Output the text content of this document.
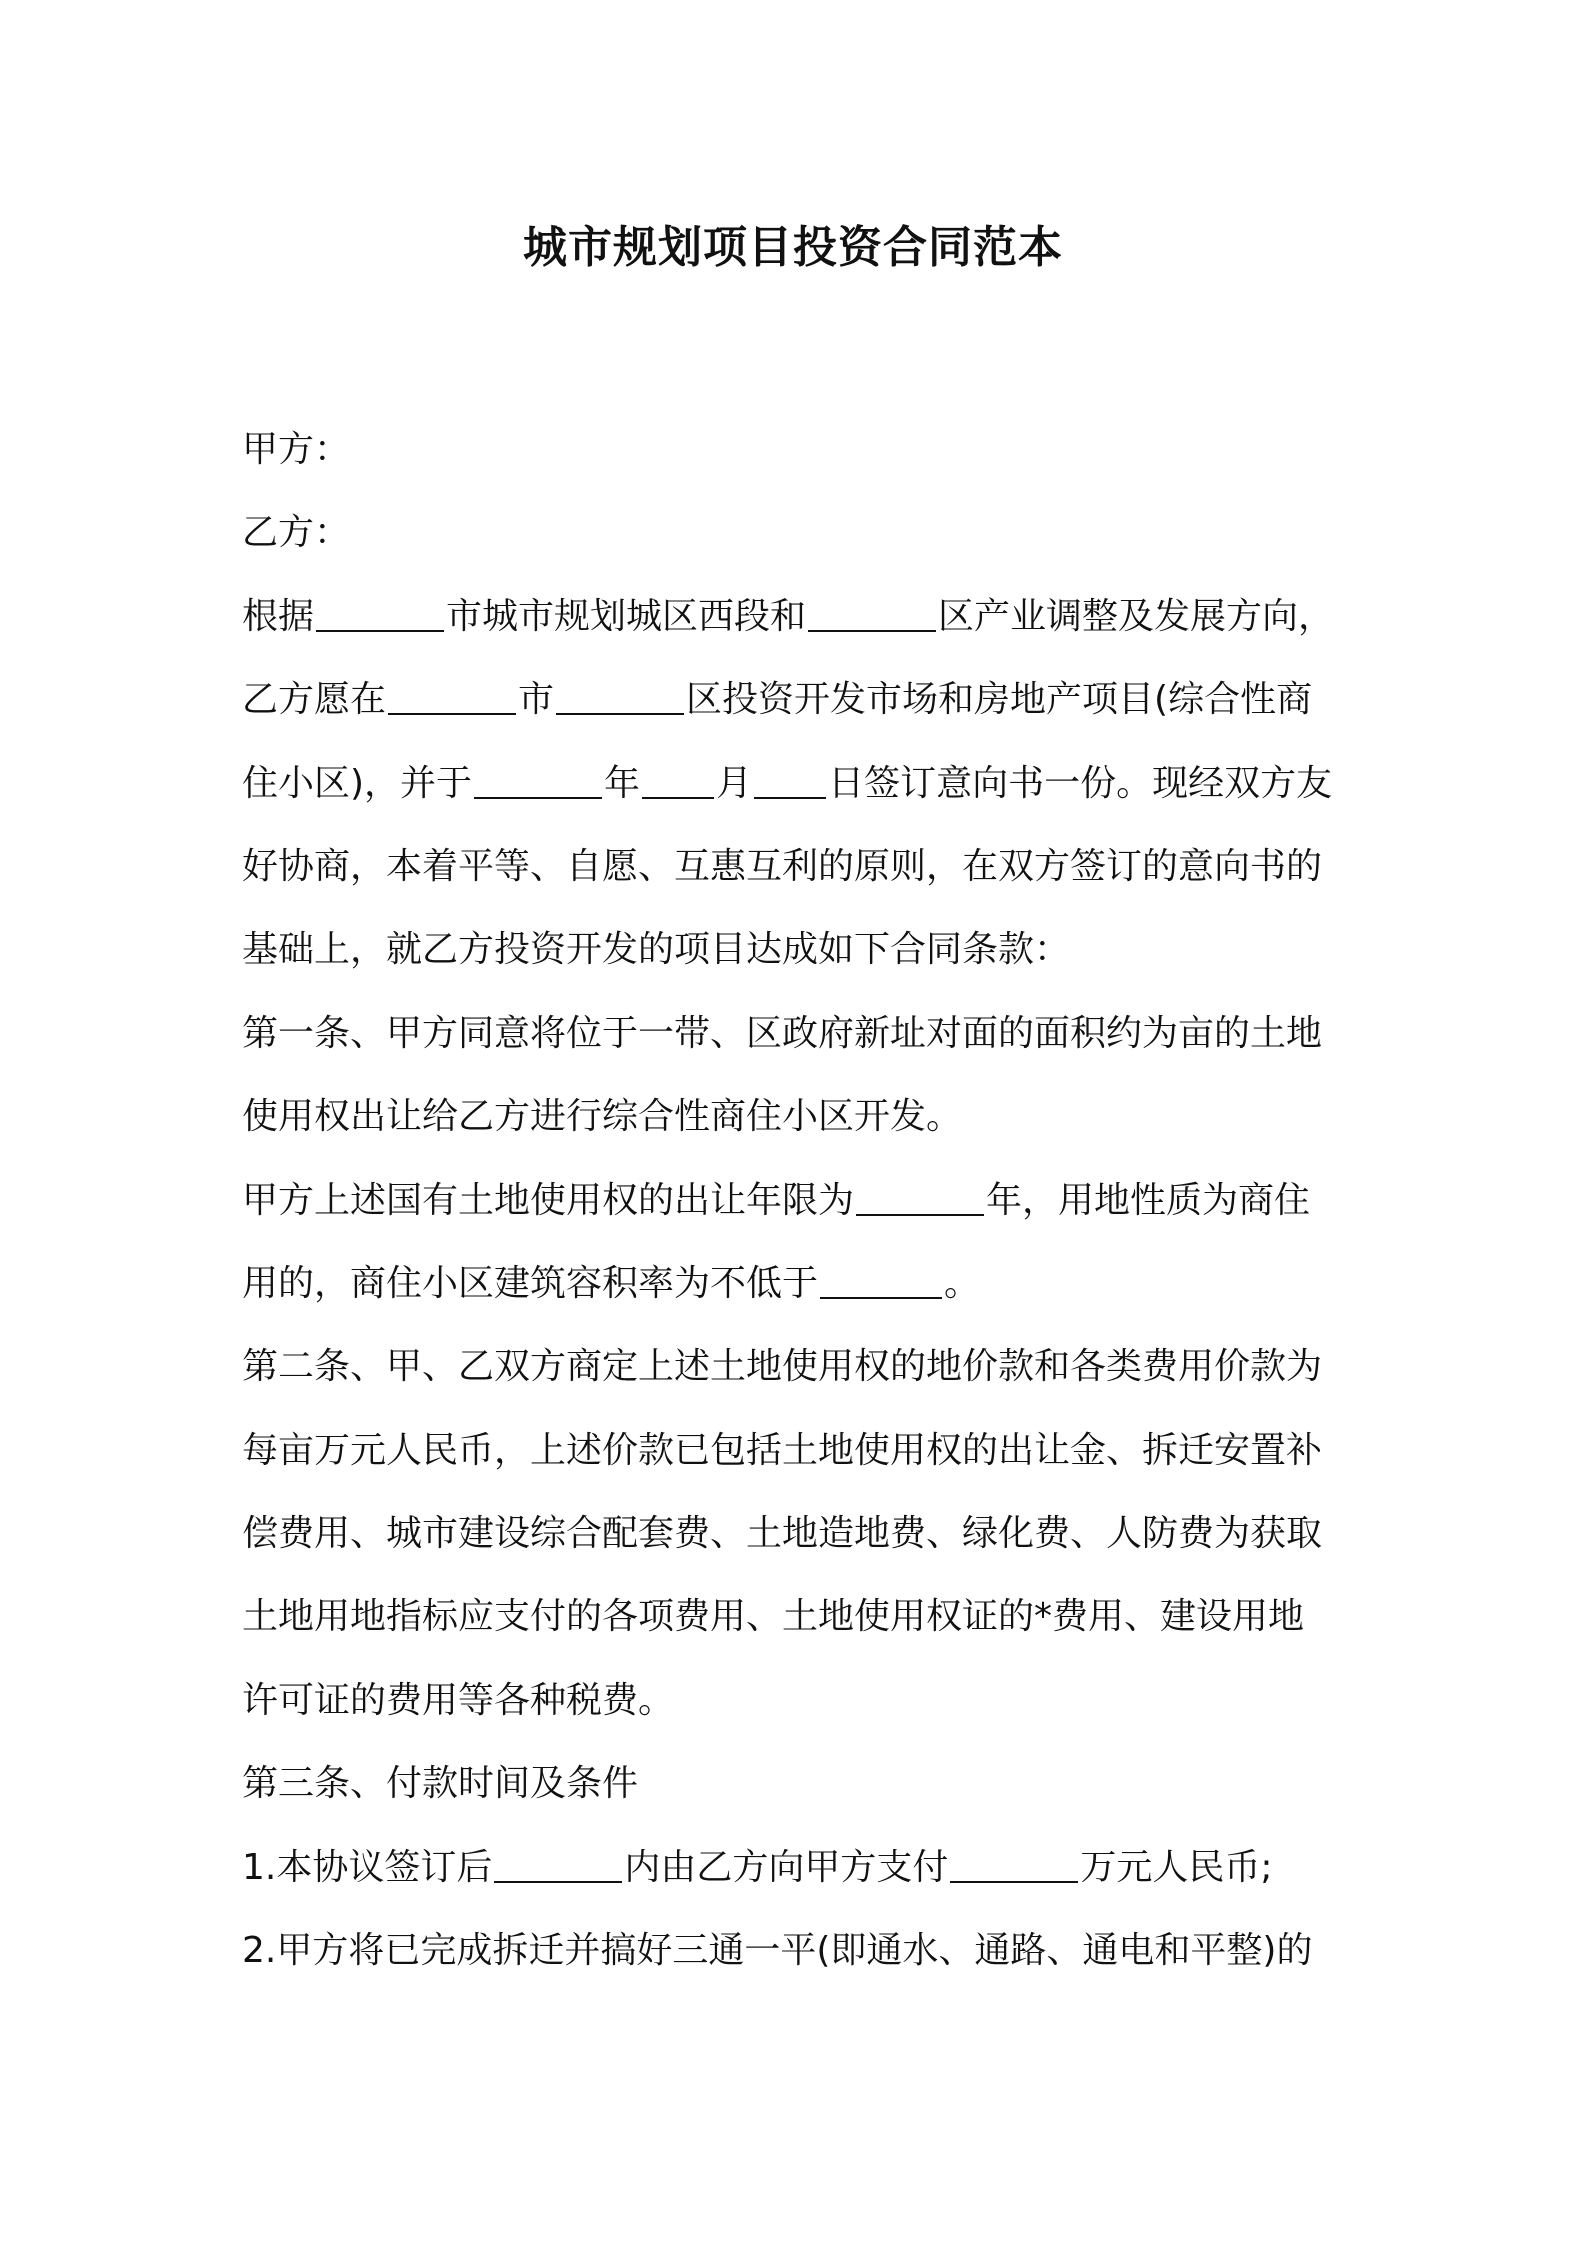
城市规划项目投资合同范本
甲方：
乙方：
根据	市城市规划城区西段和	区产业调整及发展方向，
乙方愿在	市	区投资开发市场和房地产项目(综合性商
住小区)，并于	年 月 日签订意向书一份。现经双方友
好协商，本着平等、自愿、互惠互利的原则，在双方签订的意向书的
基础上，就乙方投资开发的项目达成如下合同条款：
第一条、甲方同意将位于一带、区政府新址对面的面积约为亩的土地
使用权出让给乙方进行综合性商住小区开发。
甲方上述国有土地使用权的出让年限为	年，用地性质为商住
用的，商住小区建筑容积率为不低于	。
第二条、甲、乙双方商定上述土地使用权的地价款和各类费用价款为
每亩万元人民币，上述价款已包括土地使用权的出让金、拆迁安置补
偿费用、城市建设综合配套费、土地造地费、绿化费、人防费为获取
土地用地指标应支付的各项费用、土地使用权证的*费用、建设用地
许可证的费用等各种税费。
第三条、付款时间及条件
1.本协议签订后	内由乙方向甲方支付	万元人民币;
2.甲方将已完成拆迁并搞好三通一平(即通水、通路、通电和平整)的
